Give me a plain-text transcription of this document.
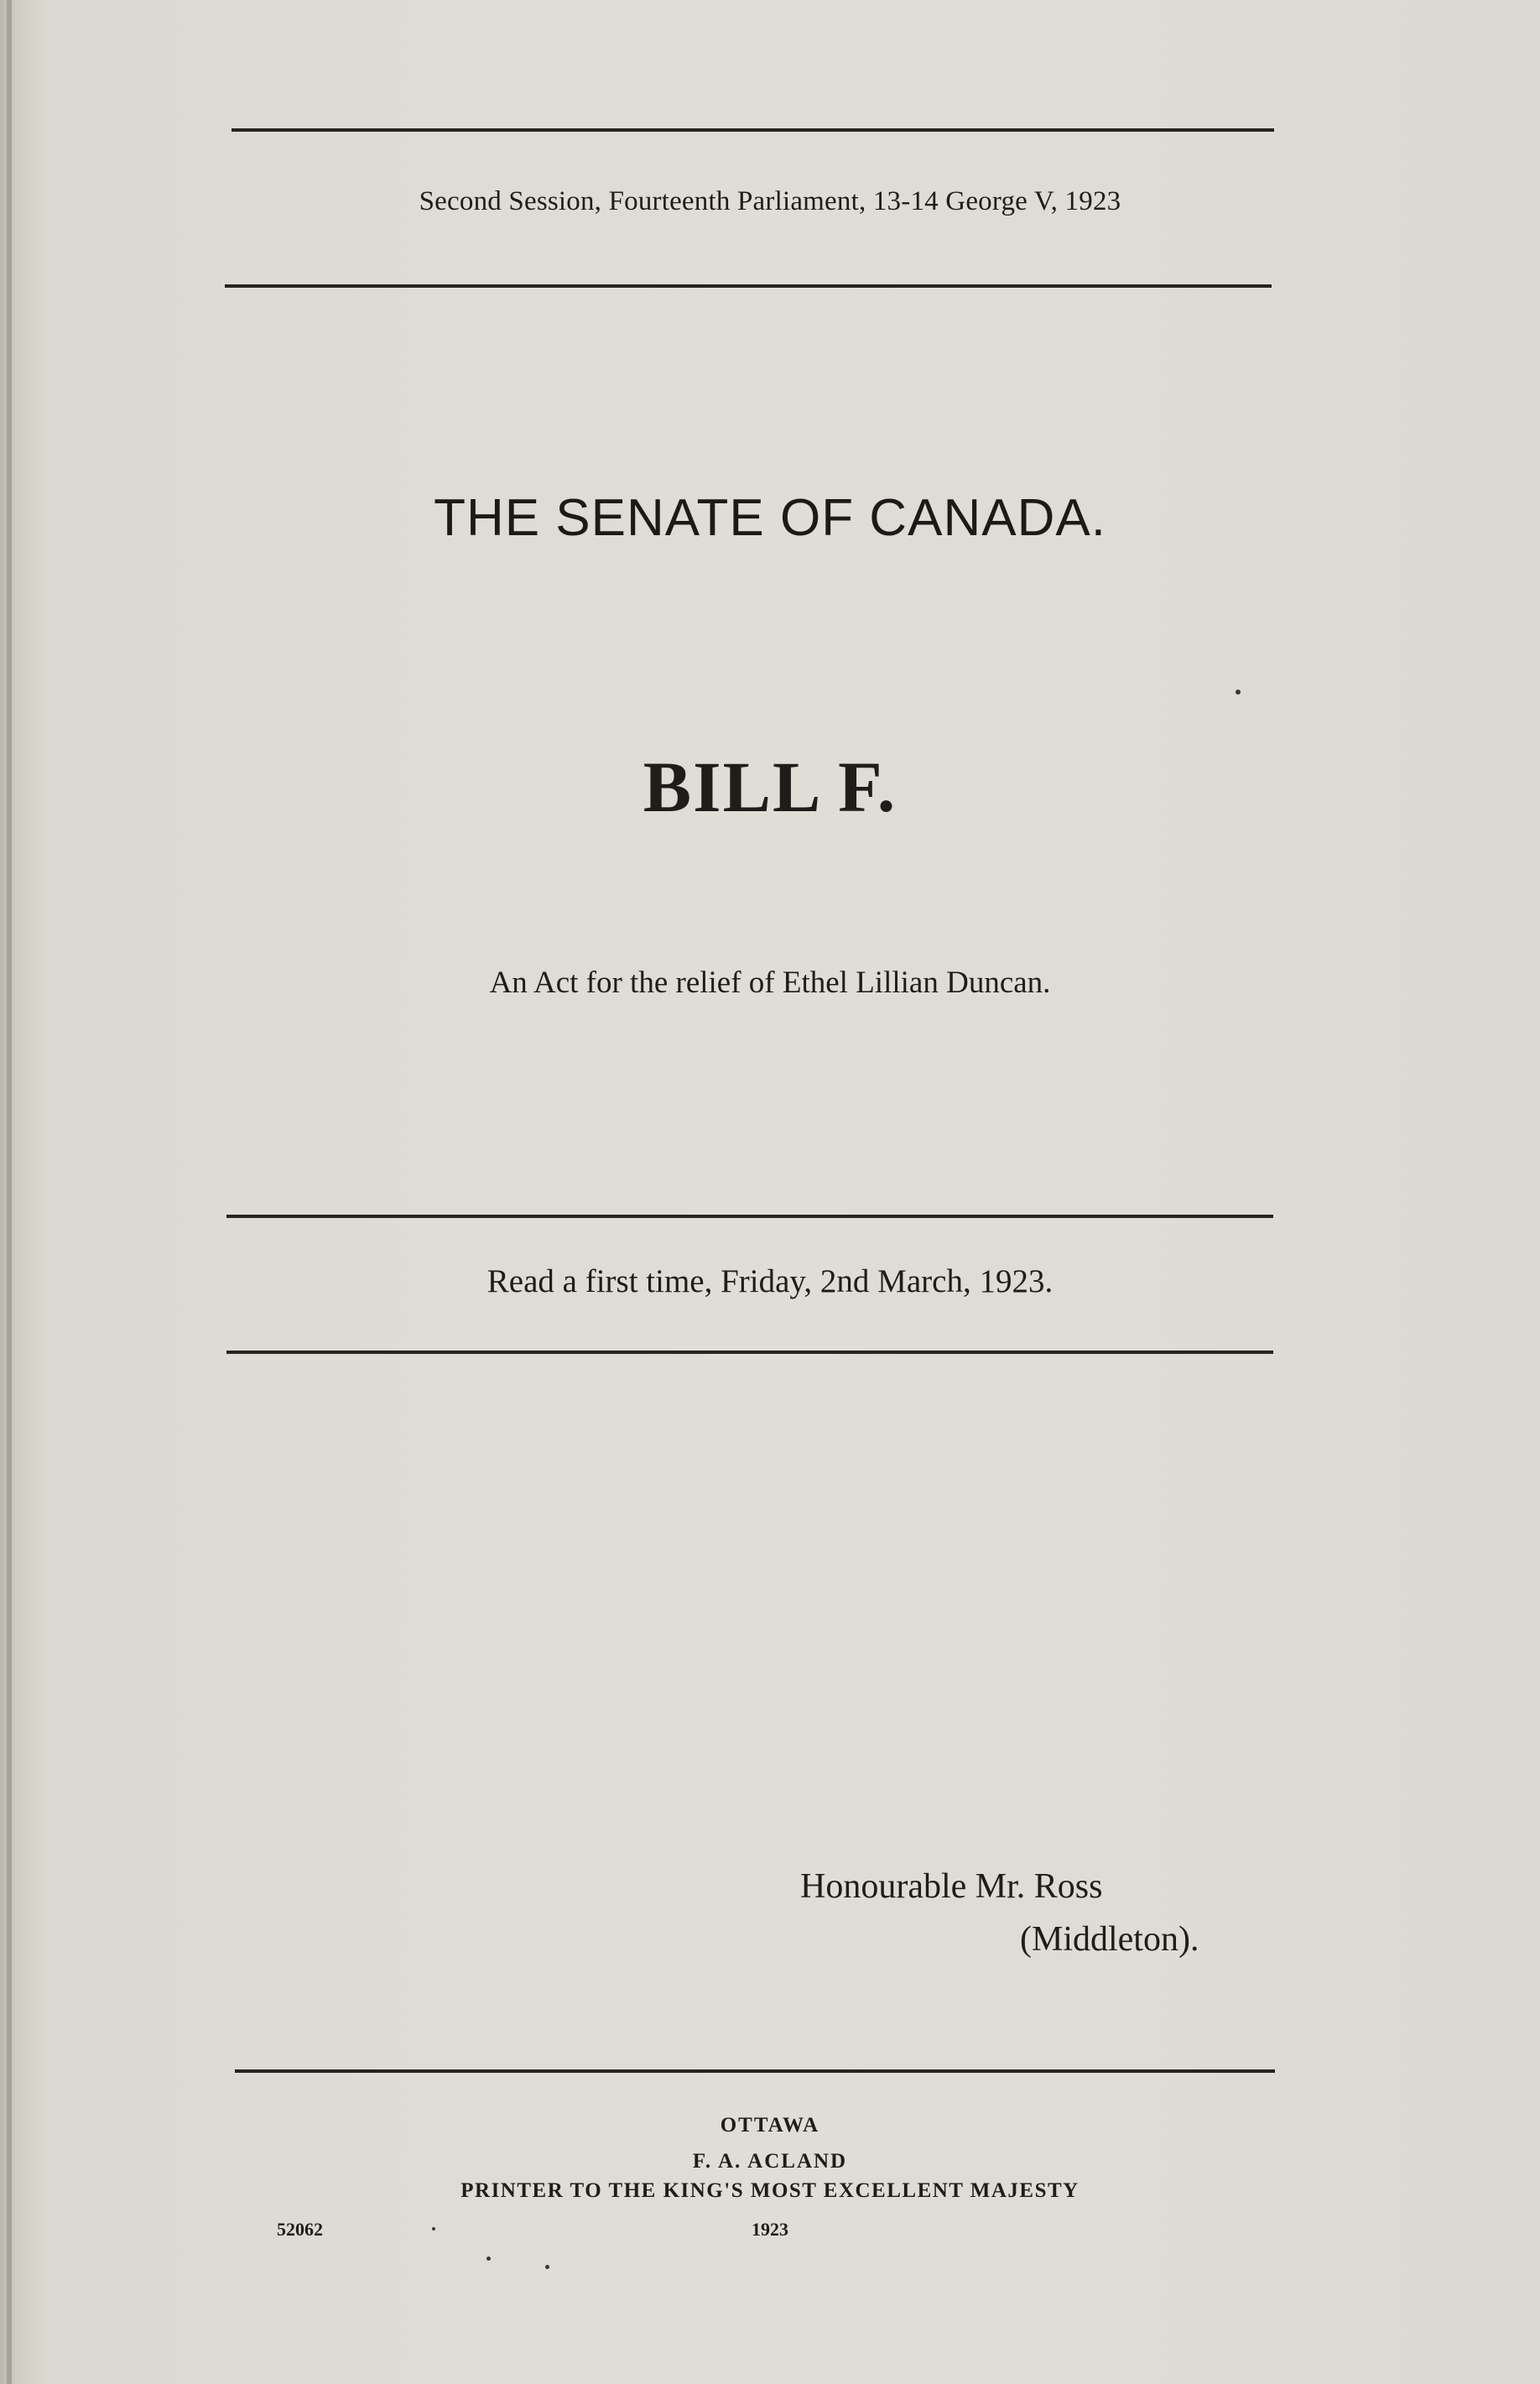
Second Session, Fourteenth Parliament, 13-14 George V, 1923
THE SENATE OF CANADA.
BILL F.
An Act for the relief of Ethel Lillian Duncan.
Read a first time, Friday, 2nd March, 1923.
Honourable Mr. Ross
(Middleton).
OTTAWA
F. A. ACLAND
PRINTER TO THE KING'S MOST EXCELLENT MAJESTY
52062	1923
